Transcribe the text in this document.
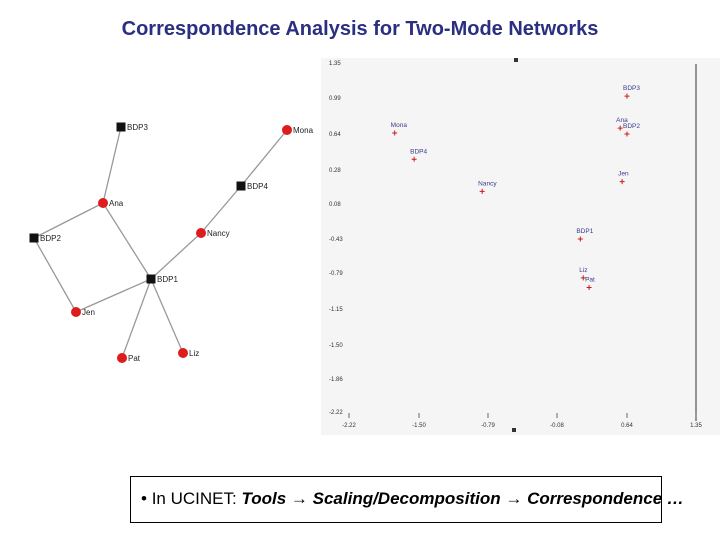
Correspondence Analysis for Two-Mode Networks
BDP3	Mona
BDP4
Ana
Nancy
BDP2
BDP1
Jen
Pat
Liz
1.35
0.99
0.64
0.28
0.08
-0.43
-0.79
-1.15
-1.50
-1.86
-2.22
-2.22	-1.50	-0.79	-0.08	0.64	1.35
BDP3
Ana
BDP2
Mona
BDP4
Jen
Nancy
BDP1
Liz
Pat
• In UCINET: Tools → Scaling/Decomposition → Correspondence …
